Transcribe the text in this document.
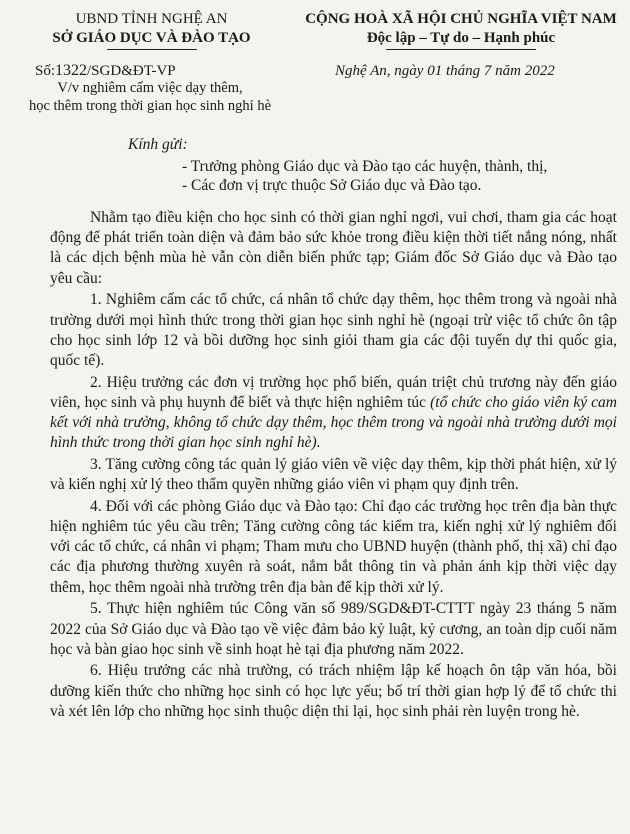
UBND TỈNH NGHỆ AN
SỞ GIÁO DỤC VÀ ĐÀO TẠO
CỘNG HOÀ XÃ HỘI CHỦ NGHĨA VIỆT NAM
Độc lập – Tự do – Hạnh phúc
Số:1322/SGD&ĐT-VP
V/v nghiêm cấm việc dạy thêm,
học thêm trong thời gian học sinh nghỉ hè
Nghệ An, ngày 01 tháng 7 năm 2022
Kính gửi:
- Trưởng phòng Giáo dục và Đào tạo các huyện, thành, thị,
- Các đơn vị trực thuộc Sở Giáo dục và Đào tạo.

Nhằm tạo điều kiện cho học sinh có thời gian nghỉ ngơi, vui chơi, tham gia các hoạt động để phát triển toàn diện và đảm bảo sức khỏe trong điều kiện thời tiết nắng nóng, nhất là các dịch bệnh mùa hè vẫn còn diễn biến phức tạp; Giám đốc Sở Giáo dục và Đào tạo yêu cầu:

1. Nghiêm cấm các tổ chức, cá nhân tổ chức dạy thêm, học thêm trong và ngoài nhà trường dưới mọi hình thức trong thời gian học sinh nghỉ hè (ngoại trừ việc tổ chức ôn tập cho học sinh lớp 12 và bồi dưỡng học sinh giỏi tham gia các đội tuyển dự thi quốc gia, quốc tế).

2. Hiệu trưởng các đơn vị trường học phổ biến, quán triệt chủ trương này đến giáo viên, học sinh và phụ huynh để biết và thực hiện nghiêm túc (tổ chức cho giáo viên ký cam kết với nhà trường, không tổ chức dạy thêm, học thêm trong và ngoài nhà trường dưới mọi hình thức trong thời gian học sinh nghỉ hè).

3. Tăng cường công tác quản lý giáo viên về việc dạy thêm, kịp thời phát hiện, xử lý và kiến nghị xử lý theo thẩm quyền những giáo viên vi phạm quy định trên.

4. Đối với các phòng Giáo dục và Đào tạo: Chỉ đạo các trường học trên địa bàn thực hiện nghiêm túc yêu cầu trên; Tăng cường công tác kiểm tra, kiến nghị xử lý nghiêm đối với các tổ chức, cá nhân vi phạm; Tham mưu cho UBND huyện (thành phố, thị xã) chỉ đạo các địa phương thường xuyên rà soát, nắm bắt thông tin và phản ánh kịp thời việc dạy thêm, học thêm ngoài nhà trường trên địa bàn để kịp thời xử lý.

5. Thực hiện nghiêm túc Công văn số 989/SGD&ĐT-CTTT ngày 23 tháng 5 năm 2022 của Sở Giáo dục và Đào tạo về việc đảm bảo kỷ luật, kỷ cương, an toàn dịp cuối năm học và bàn giao học sinh về sinh hoạt hè tại địa phương năm 2022.

6. Hiệu trưởng các nhà trường, có trách nhiệm lập kế hoạch ôn tập văn hóa, bồi dưỡng kiến thức cho những học sinh có học lực yếu; bố trí thời gian hợp lý để tổ chức thi và xét lên lớp cho những học sinh thuộc diện thi lại, học sinh phải rèn luyện trong hè.
